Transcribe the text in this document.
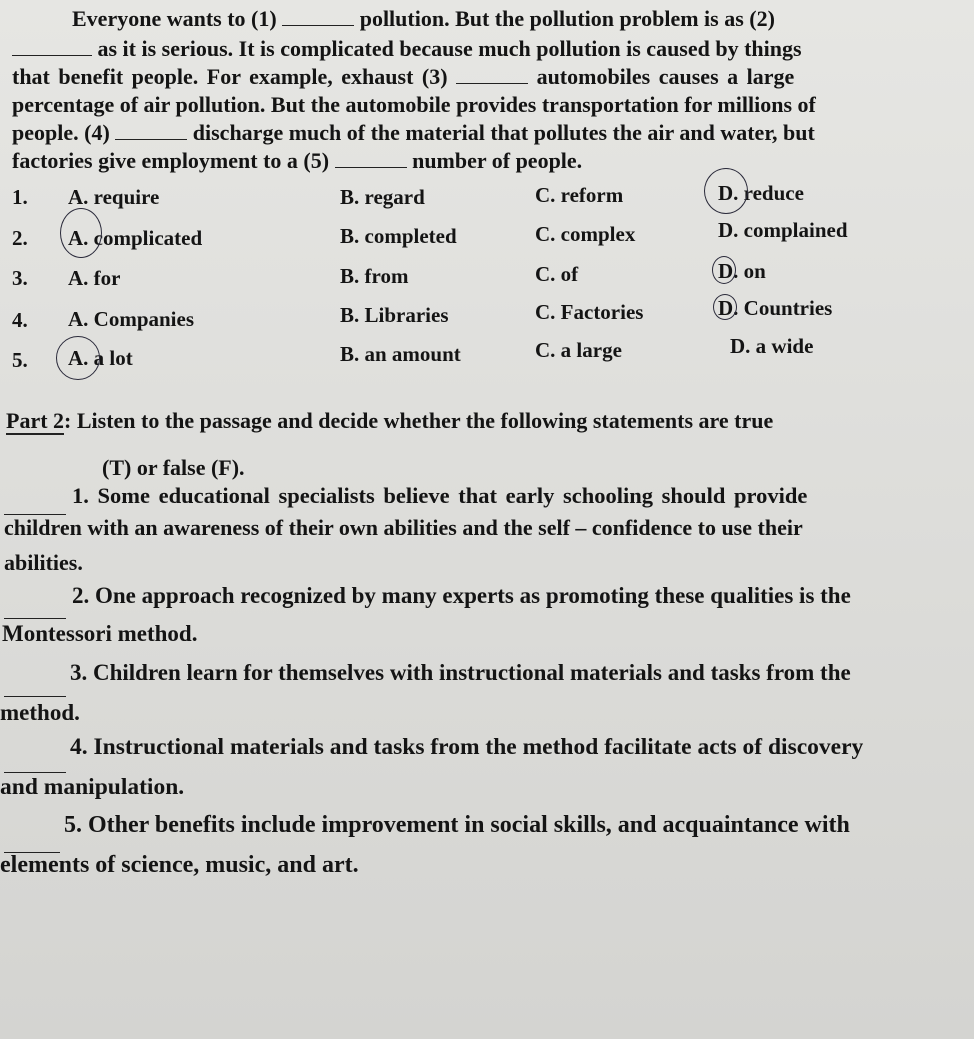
Everyone wants to (1)	pollution. But the pollution problem is as (2)
as it is serious. It is complicated because much pollution is caused by things
that benefit people. For example, exhaust (3)	automobiles causes a large
percentage of air pollution. But the automobile provides transportation for millions of
people. (4)	discharge much of the material that pollutes the air and water, but
factories give employment to a (5)	number of people.
1. A. require	B. regard	C. reform	D. reduce
2. A. complicated	B. completed	C. complex	D. complained
3. A. for	B. from	C. of	D. on
4. A. Companies	B. Libraries	C. Factories	D. Countries
5. A. a lot	B. an amount	C. a large	D. a wide
Part 2: Listen to the passage and decide whether the following statements are true
(T) or false (F).
1. Some educational specialists believe that early schooling should provide
children with an awareness of their own abilities and the self – confidence to use their
abilities.
2. One approach recognized by many experts as promoting these qualities is the
Montessori method.
3. Children learn for themselves with instructional materials and tasks from the
method.
4. Instructional materials and tasks from the method facilitate acts of discovery
and manipulation.
5. Other benefits include improvement in social skills, and acquaintance with
elements of science, music, and art.
